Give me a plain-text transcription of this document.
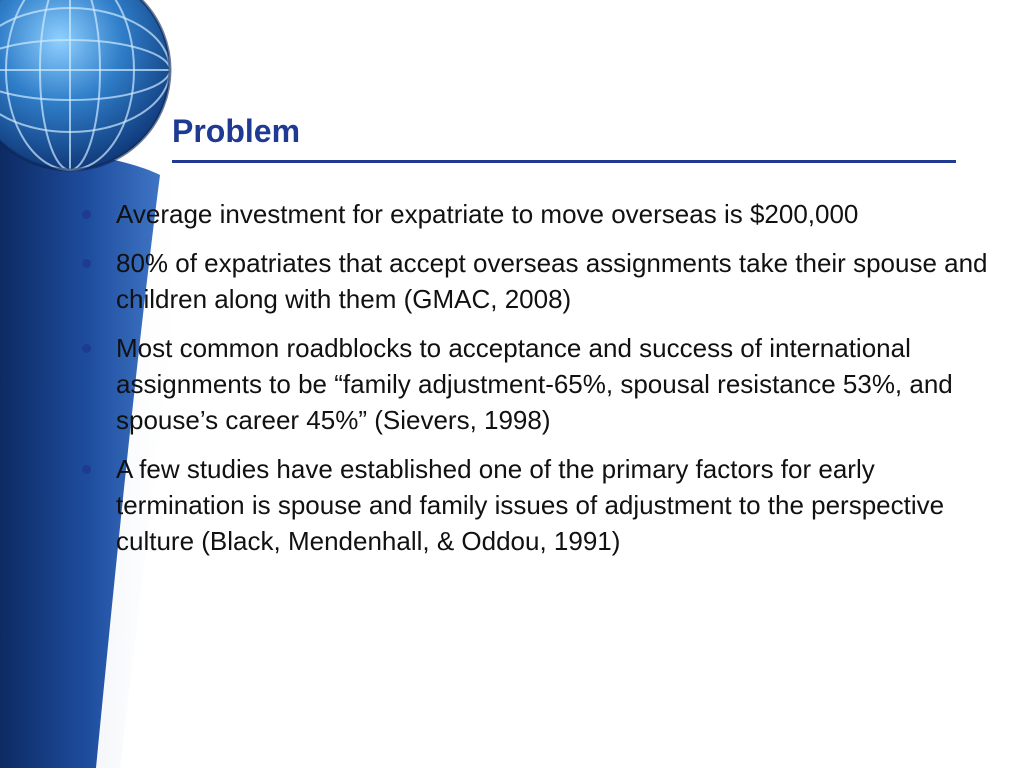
Problem
Average investment for expatriate to move overseas is $200,000
80% of expatriates that accept overseas assignments take their spouse and children along with them (GMAC, 2008)
Most common roadblocks to acceptance and success of international assignments to be “family adjustment-65%, spousal resistance 53%, and spouse’s career 45%” (Sievers, 1998)
A few studies have established one of the primary factors for early termination is spouse and family issues of adjustment to the perspective culture (Black, Mendenhall, & Oddou, 1991)
